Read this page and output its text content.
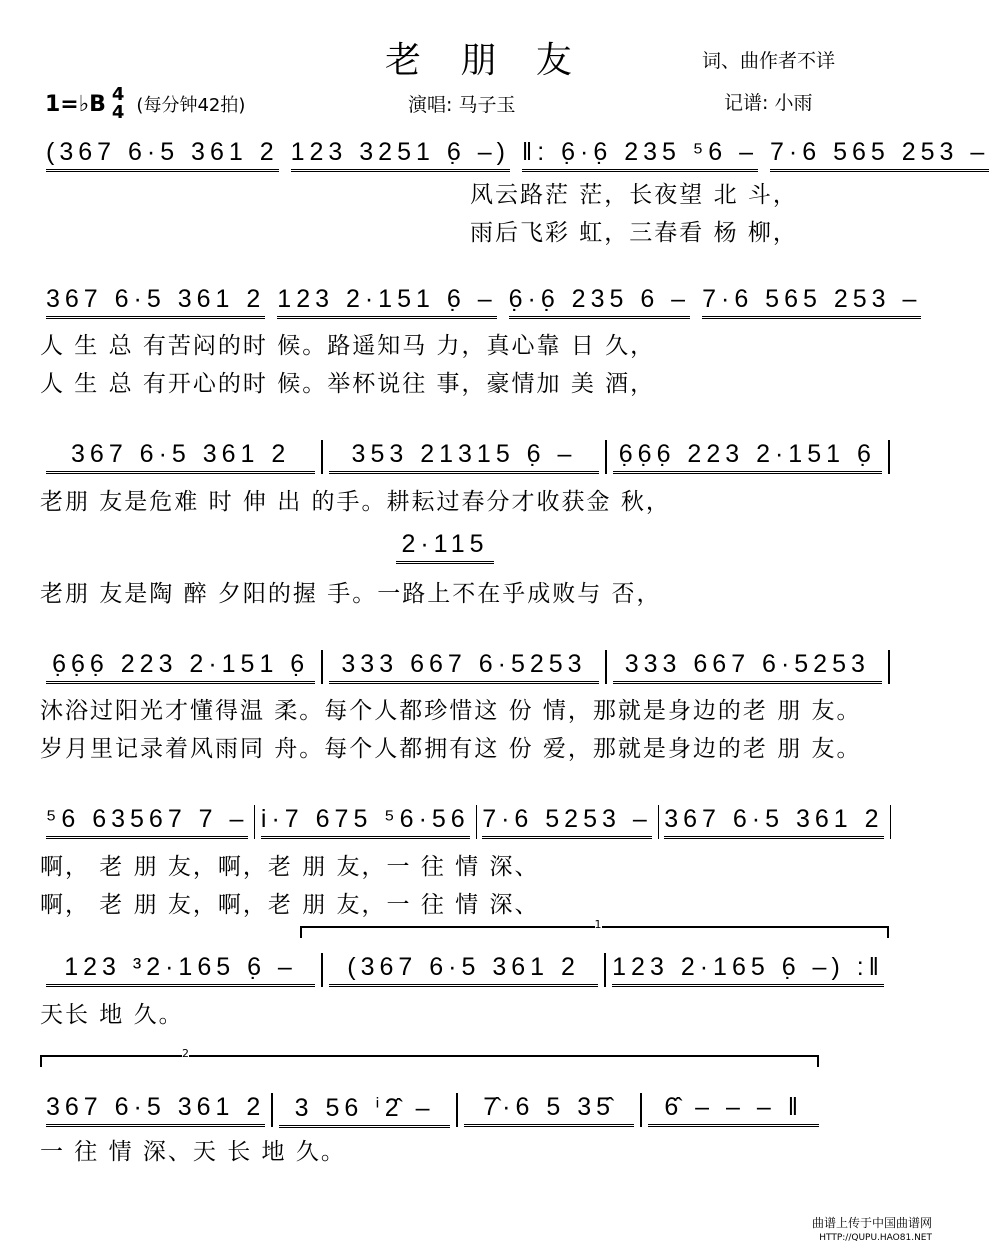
老 朋 友	词、曲作者不详
1=♭B 4
4 (每分钟42拍)	演唱: 马子玉	记谱: 小雨
(367 6·5 361 2 123 3251 6̣ –) ‖: 6̣·6̣ 235 ⁵6 – 7·6 565 253 –
风云路茫 茫，长夜望 北 斗，
雨后飞彩 虹，三春看 杨 柳，
367 6·5 361 2 123 2·151 6̣ – 6̣·6̣ 235 6 – 7·6 565 253 –
人 生 总 有苦闷的时 候。路遥知马 力，真心靠 日 久，
人 生 总 有开心的时 候。举杯说往 事，豪情加 美 酒，
367 6·5 361 2	353 21315 6̣ –	6̣6̣6̣ 223 2·151 6̣
老朋 友是危难 时 伸 出 的手。耕耘过春分才收获金 秋，
2·115
老朋 友是陶 醉 夕阳的握 手。一路上不在乎成败与 否，
6̣6̣6̣ 223 2·151 6̣	333 667 6·5253	333 667 6·5253
沐浴过阳光才懂得温 柔。每个人都珍惜这 份 情，那就是身边的老 朋 友。
岁月里记录着风雨同 舟。每个人都拥有这 份 爱，那就是身边的老 朋 友。
⁵6 63567 7 – i·7 675 ⁵6·56 7·6 5253 – 367 6·5 361 2
啊， 老 朋 友，啊，老 朋 友，一 往 情 深、
啊， 老 朋 友，啊，老 朋 友，一 往 情 深、
123 ³2·165 6̣ –	(367 6·5 361 2	123 2·165 6̣ –) :‖
天长 地 久。
1
367 6·5 361 2	3 56 ⁱ2̂ –	7̂·6 5 35̂	6̂ – – – ‖
一 往 情 深、天 长 地 久。
2
曲谱上传于中国曲谱网
HTTP://QUPU.HAO81.NET
